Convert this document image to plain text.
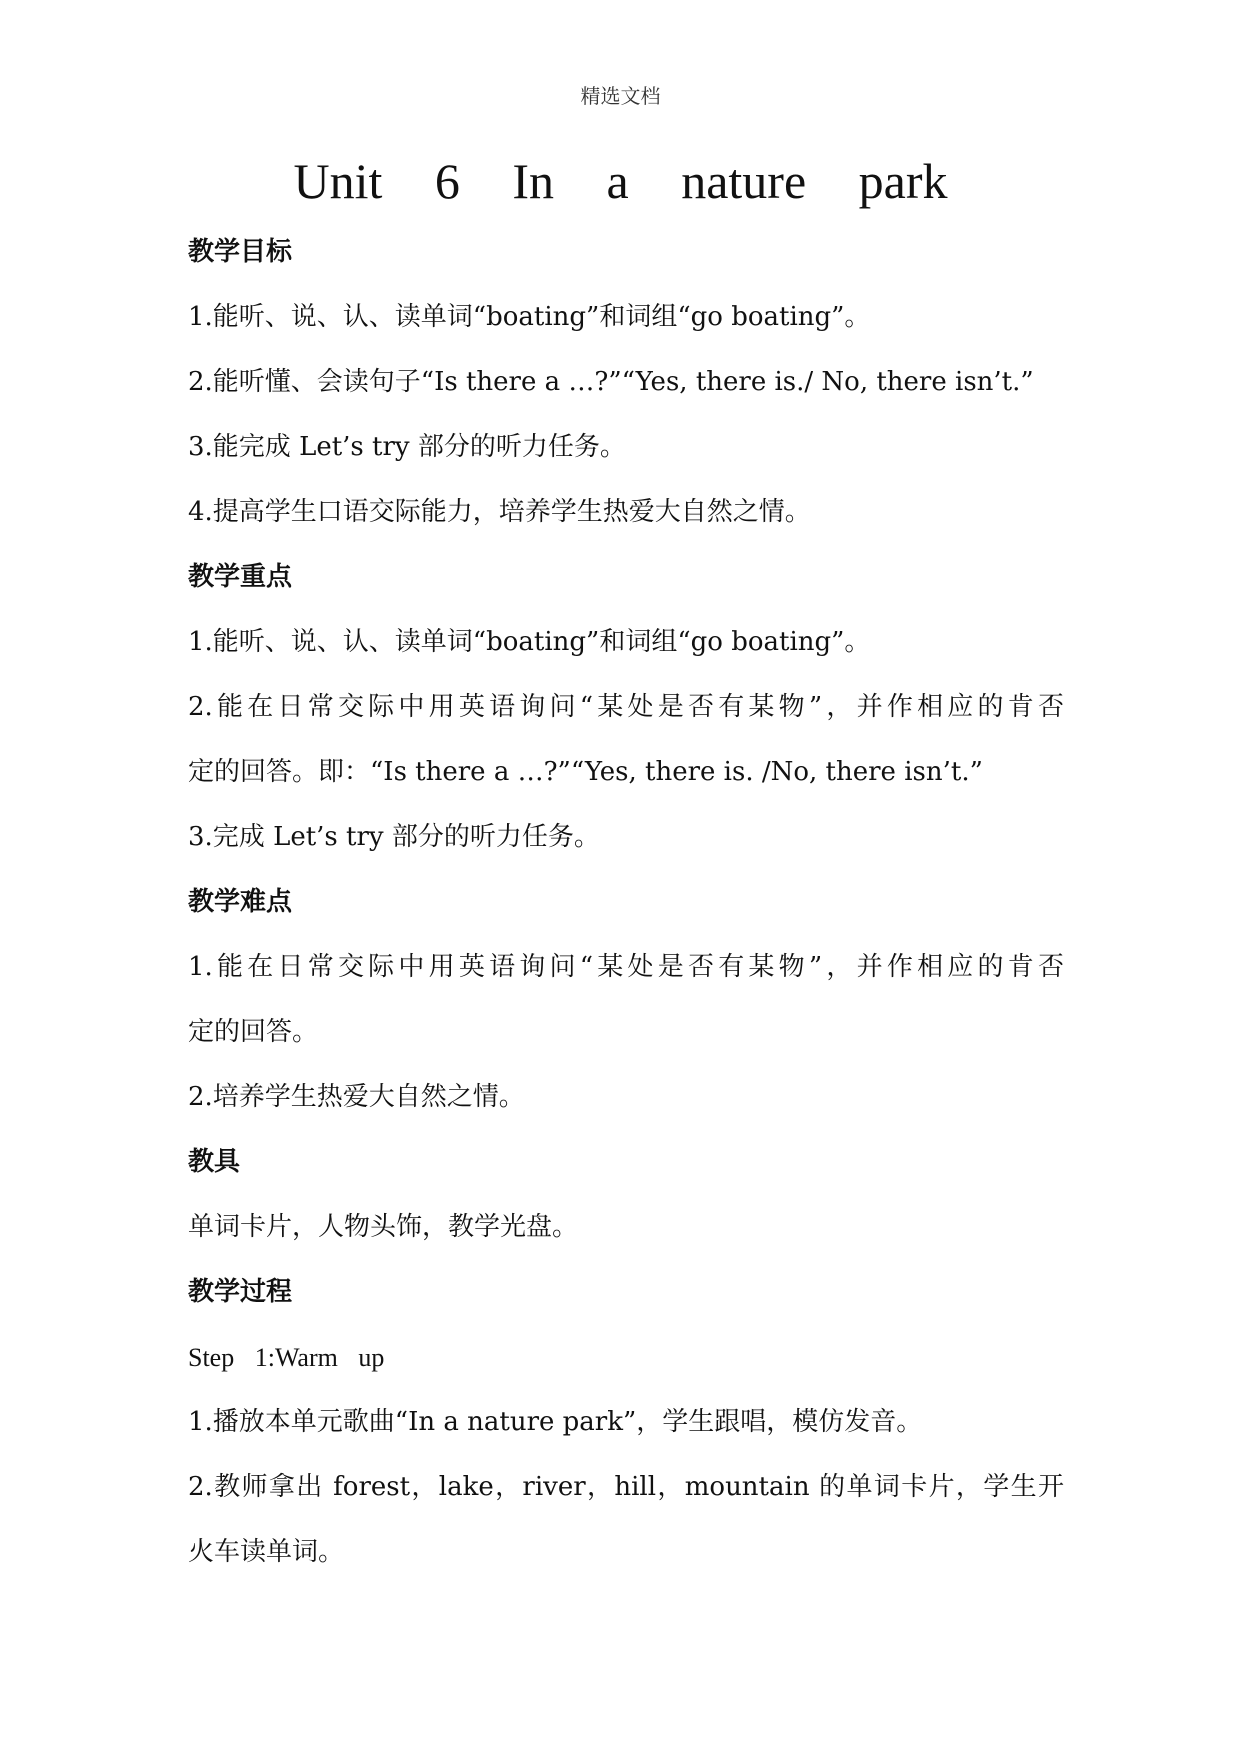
精选文档
Unit 6 In a nature park
教学目标
1.能听、说、认、读单词“boating”和词组“go boating”。
2.能听懂、会读句子“Is there a …?”“Yes, there is./ No, there isn’t.”
3.能完成 Let’s try 部分的听力任务。
4.提高学生口语交际能力，培养学生热爱大自然之情。
教学重点
1.能听、说、认、读单词“boating”和词组“go boating”。
2.能在日常交际中用英语询问“某处是否有某物”，并作相应的肯否
定的回答。即：“Is there a …?”“Yes, there is. /No, there isn’t.”
3.完成 Let’s try 部分的听力任务。
教学难点
1.能在日常交际中用英语询问“某处是否有某物”，并作相应的肯否
定的回答。
2.培养学生热爱大自然之情。
教具
单词卡片，人物头饰，教学光盘。
教学过程
Step 1:Warm up
1.播放本单元歌曲“In a nature park”，学生跟唱，模仿发音。
2.教师拿出 forest，lake，river，hill，mountain 的单词卡片，学生开
火车读单词。
